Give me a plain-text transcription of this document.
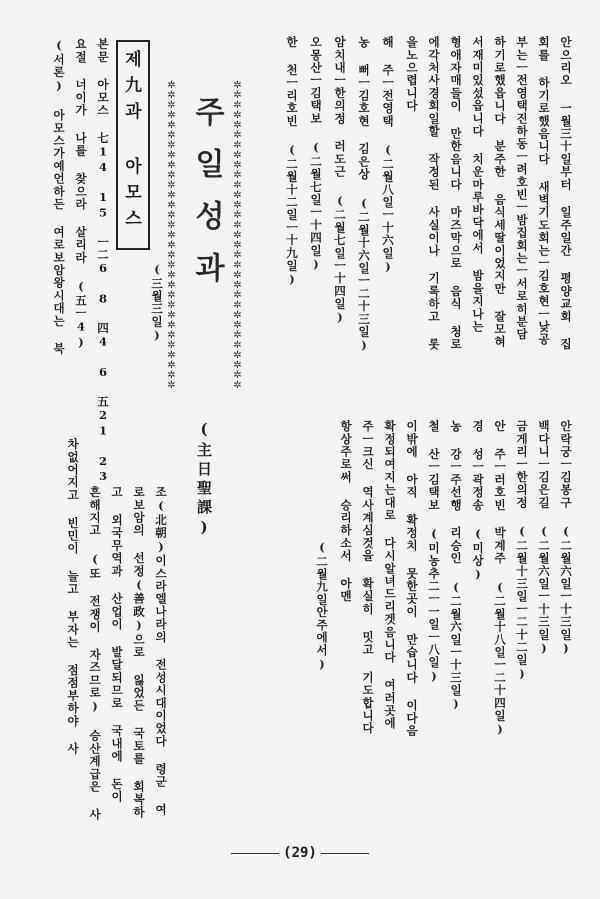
안으리오 一월三十일부터 일주일간 평양교회 집
회를 하기로했음니다 새벽기도회는ㅡ김호현ㅡ낮공
부는ㅡ전영택진하동ㅡ려호빈ㅡ밤집회는ㅡ서로히분담
하기로했읍니다 분주한 음식세딸이었지만 잘모혀
서재미있섰읍니다 치운마루바닥에서 밤을지나는
형애자매들이 만한음니다 마즈막으로 음식 청로
에각처사경회일할 작정된 사실이나 기록하고 롯
을노으렵니다
해 주ㅡ전영택 (二월八일ㅡ十六일)
농 뻐ㅡ김호현 김은상 (二월十六일ㅡ二十三일)
암치내ㅡ한의정 러도근 (二월七일ㅡ十四일)
오몽산ㅡ김택보 (二월七일ㅡ十四일)
한 천ㅡ리호빈 (二월十二일ㅡ十九일)
✲✲✲✲✲✲✲✲✲✲✲✲✲✲✲✲✲✲✲✲✲✲✲✲✲✲✲✲✲✲✲
✲✲✲✲✲✲✲✲✲✲✲✲✲✲✲✲✲✲✲✲✲✲✲✲✲✲✲✲✲✲✲ 주일성과
제九과 아모스
(三월三일)
본문 아모스 七14 15 ㅡ二6 8 四4 6 五21 23
요절 너이가 나를 찾으라 살리라 (五ㅡ4)
(서론) 아모스가예언하든 여로보암왕시대는 북
안락궁ㅡ김봉구 (二월六일ㅡ十三일)
백다니ㅡ김은길 (二월六일ㅡ十三일)
금게리ㅡ한의정 (二월十三일ㅡ二十二일)
안 주ㅡ러호빈 박계주 (二월十八일ㅡ二十四일)
경 성ㅡ곽정송 (미상)
농 강ㅡ주선행 리승인 (二월六일ㅡ十三일)
철 산ㅡ김택보 (미농추二ㅡ一일ㅡ八일)
이밖에 아직 확정치 못한곳이 만습니다 이다음
확정되여지는대로 다시알녀드리겟음니다 여러곳에
주ㅡ크신 역사계심것을 확실히 밋고 기도합니다
항상주로써 승리하소서 아멘
(二월九일안주에서)
(主日聖課)
조(北朝)이스라엘나라의 전성시대이었다 령군 여
로보암의 선정(善政)으로 잃었든 국토를 회복하
고 외국무역과 산업이 발달되므로 국내에 돈이
흔해지고 (또 전쟁이 자즈므로) 승산계급은 사
차없어지고 빈민이 늘고 부자는 점점부하야 사
(29)
